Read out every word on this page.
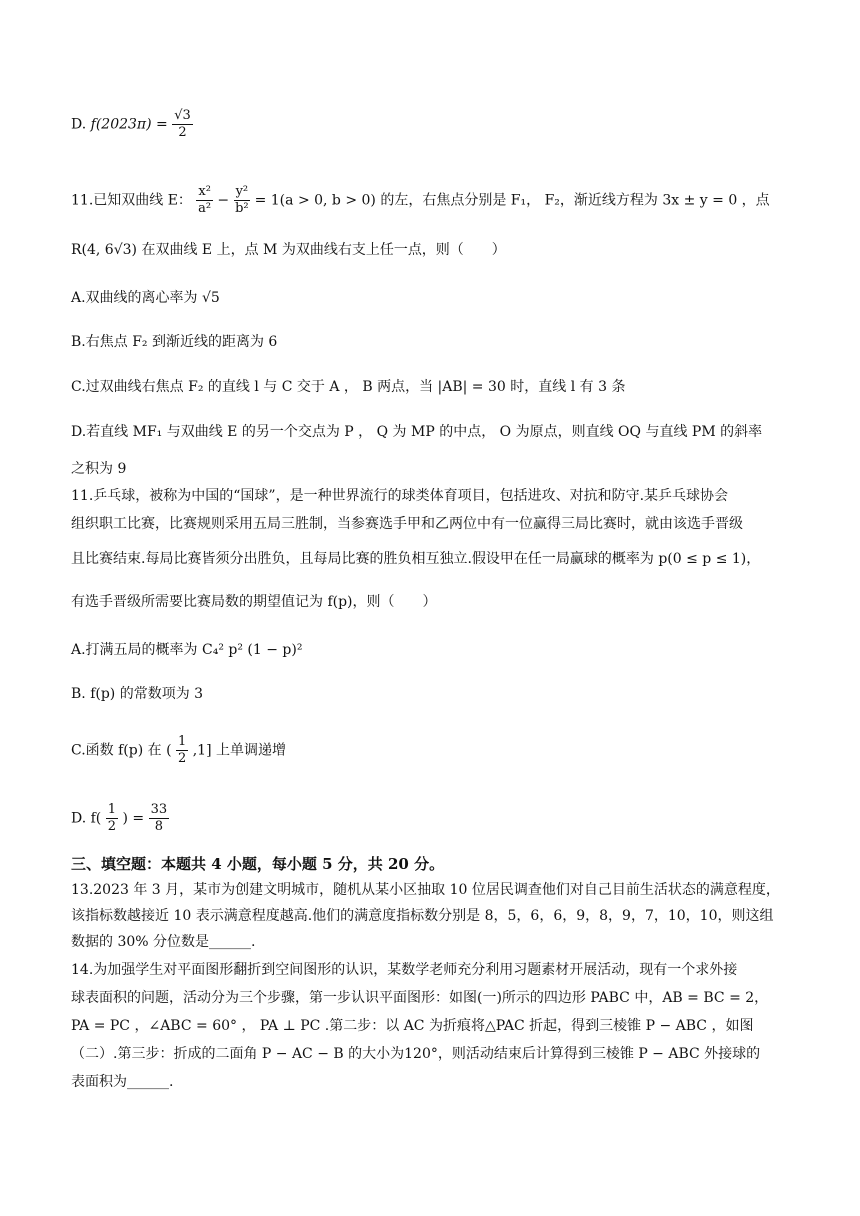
D. $f(2023\pi) = \frac{√3}{2}$
11.已知双曲线 E： $\frac{\text{x²}}{\text{a²}} - \frac{\text{y²}}{\text{b²}} = 1(a > 0$, b > 0) 的左，右焦点分别是 F₁， F₂，渐近线方程为 3x ± y = 0 ，点
R(4, 6√3) 在双曲线 E 上，点 M 为双曲线右支上任一点，则（　　）
A.双曲线的离心率为 √5
B.右焦点 F₂ 到渐近线的距离为 6
C.过双曲线右焦点 F₂ 的直线 l 与 C 交于 A ， B 两点，当 |AB| = 30 时，直线 l 有 3 条
D.若直线 MF₁ 与双曲线 E 的另一个交点为 P ， Q 为 MP 的中点， O 为原点，则直线 OQ 与直线 PM 的斜率
之积为 9
11.乒乓球，被称为中国的“国球”，是一种世界流行的球类体育项目，包括进攻、对抗和防守.某乒乓球协会
组织职工比赛，比赛规则采用五局三胜制，当参赛选手甲和乙两位中有一位赢得三局比赛时，就由该选手晋级
且比赛结束.每局比赛皆须分出胜负，且每局比赛的胜负相互独立.假设甲在任一局赢球的概率为 p(0 ≤ p ≤ 1)，
有选手晋级所需要比赛局数的期望值记为 f(p)，则（　　）
A.打满五局的概率为 C₄² p² (1 − p)²
B. f(p) 的常数项为 3
C.函数 f(p) 在 ( $\frac{1}{2} ,1$] 上单调递增
D. $f( \frac{1}{2}$ ) = $\frac{33}{8}$
三、填空题：本题共 4 小题，每小题 5 分，共 20 分。
13.2023 年 3 月，某市为创建文明城市，随机从某小区抽取 10 位居民调查他们对自己目前生活状态的满意程度，
该指标数越接近 10 表示满意程度越高.他们的满意度指标数分别是 8，5，6，6，9，8，9，7，10，10，则这组
数据的 30% 分位数是______.
14.为加强学生对平面图形翻折到空间图形的认识，某数学老师充分利用习题素材开展活动，现有一个求外接
球表面积的问题，活动分为三个步骤，第一步认识平面图形：如图(一)所示的四边形 PABC 中，AB = BC = 2，
PA = PC ，∠ABC = 60° ， PA ⊥ PC .第二步：以 AC 为折痕将△PAC 折起，得到三棱锥 P − ABC ，如图
（二）.第三步：折成的二面角 P − AC − B 的大小为120°，则活动结束后计算得到三棱锥 P − ABC 外接球的
表面积为______.
